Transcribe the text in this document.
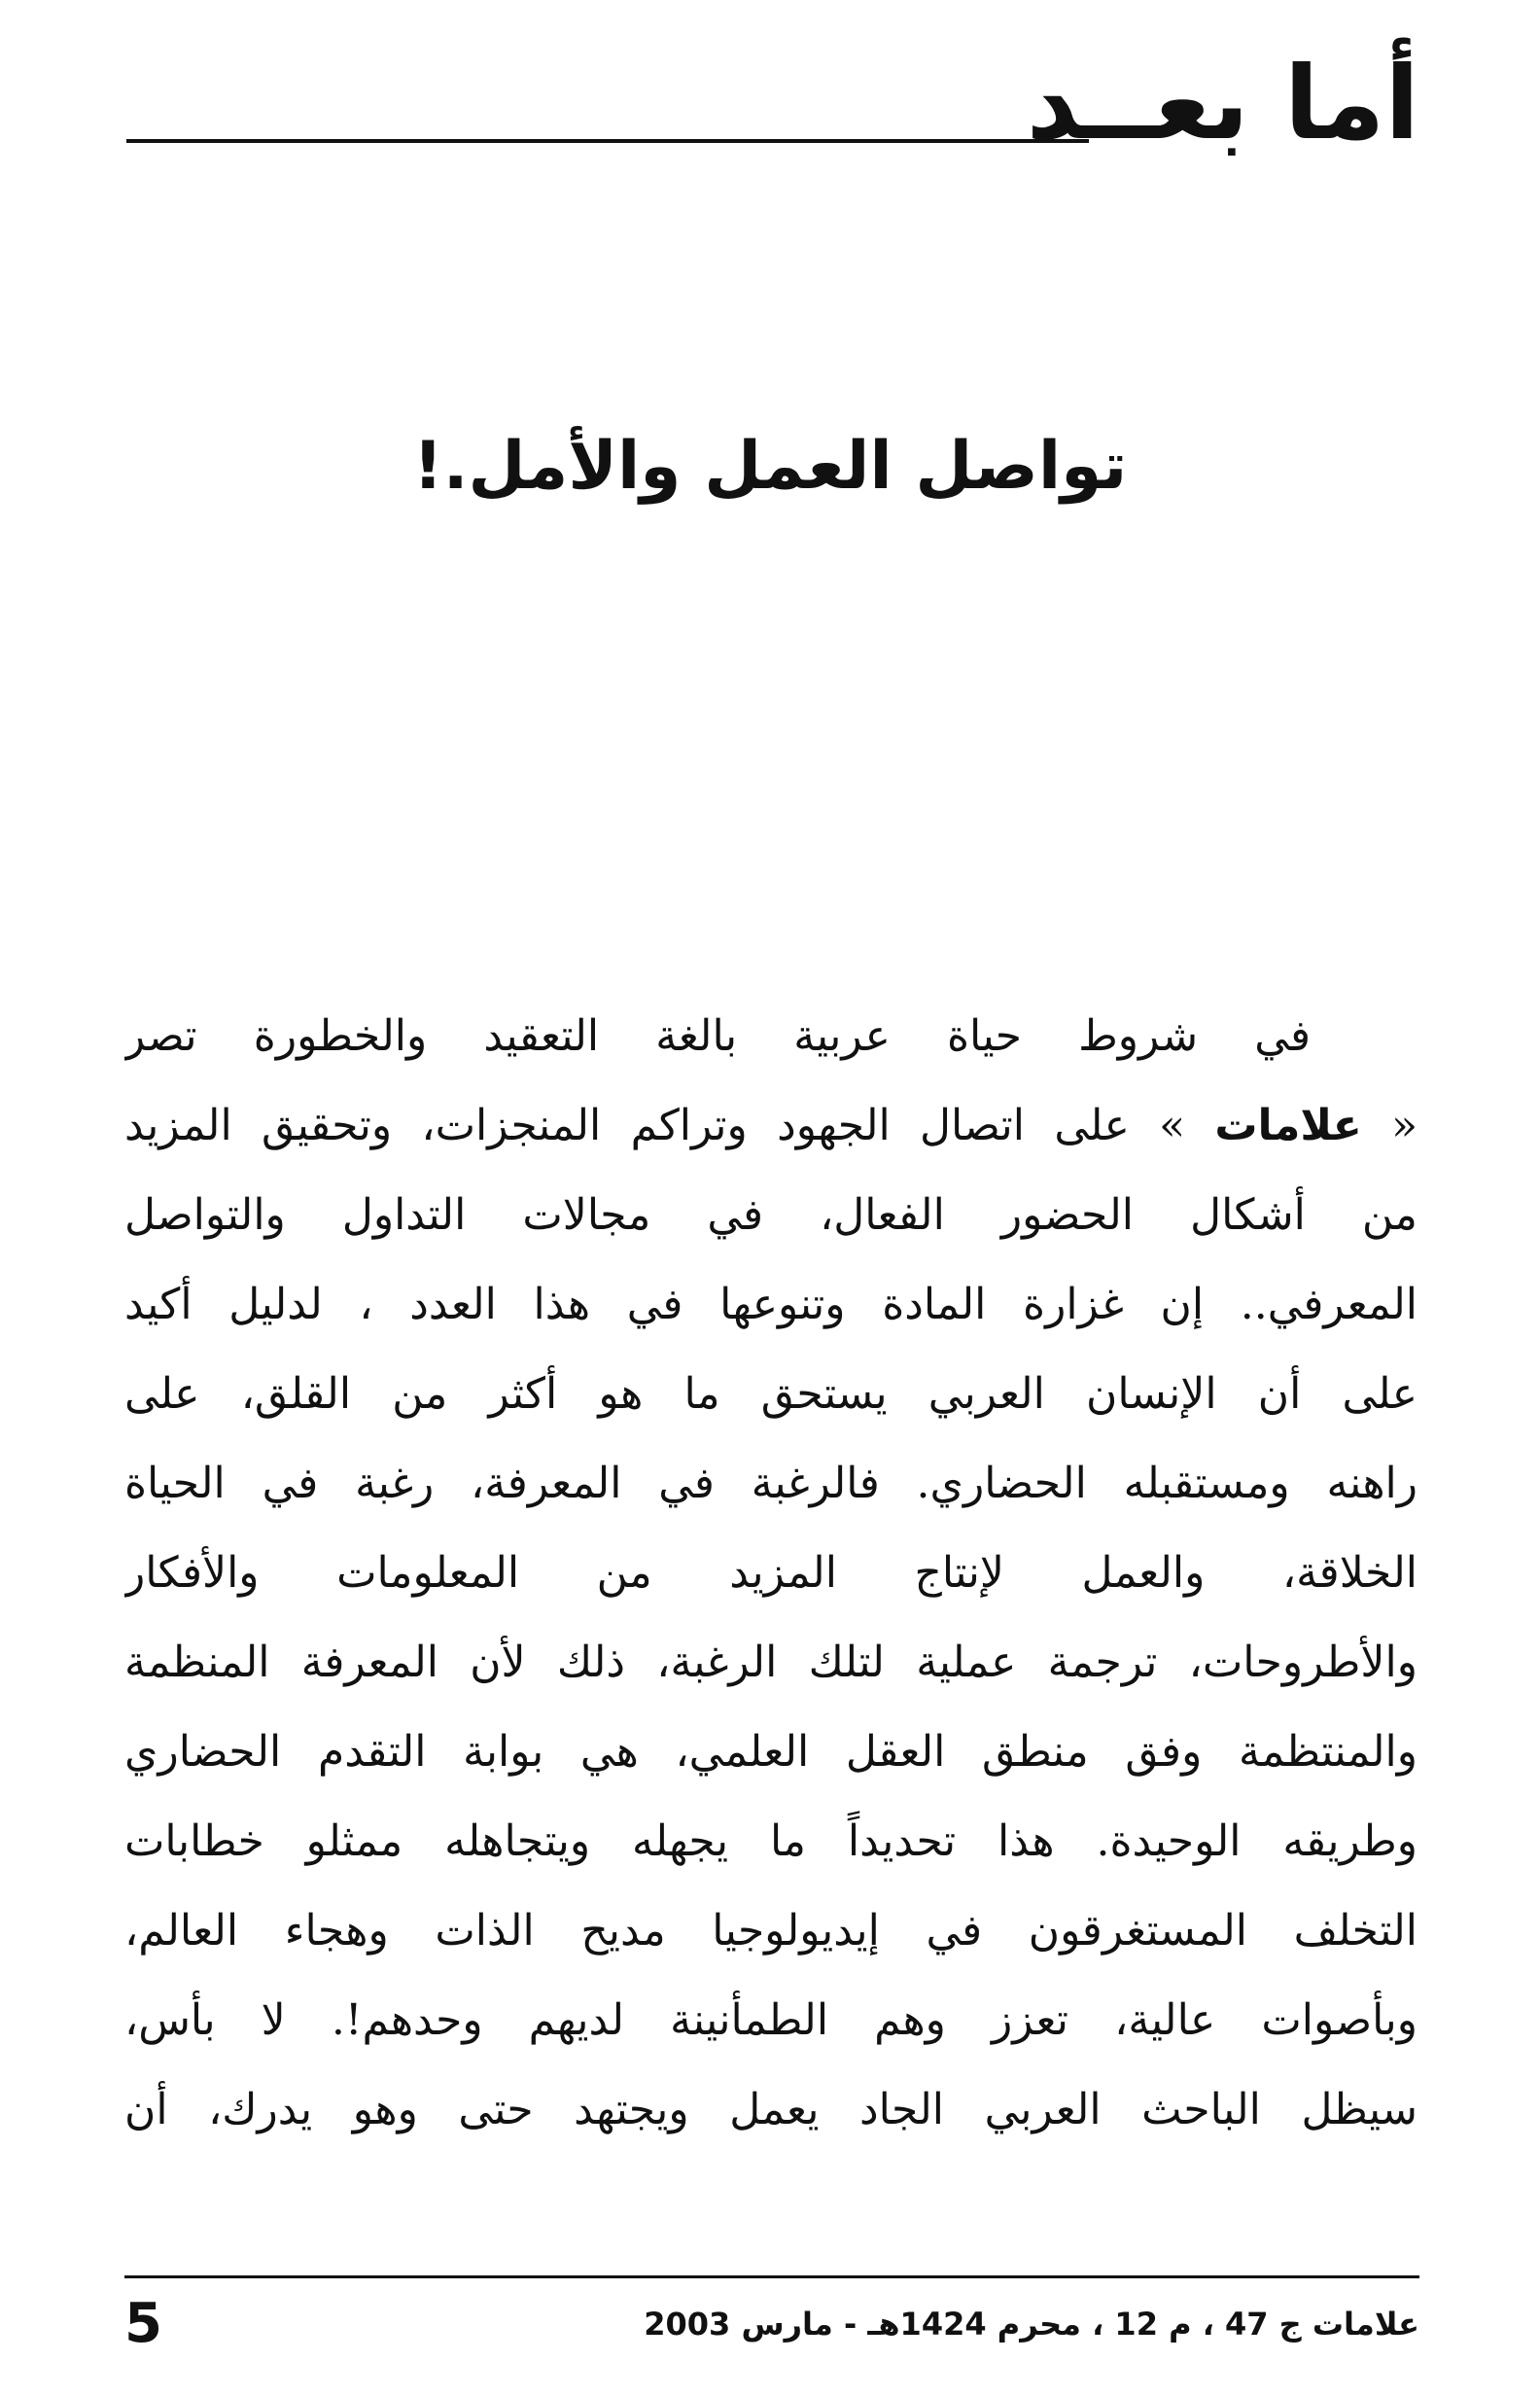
أما بعــد
تواصل العمل والأمل.!
في شروط حياة عربية بالغة التعقيد والخطورة تصر
« علامات » على اتصال الجهود وتراكم المنجزات، وتحقيق المزيد
من أشكال الحضور الفعال، في مجالات التداول والتواصل
المعرفي.. إن غزارة المادة وتنوعها في هذا العدد ، لدليل أكيد
على أن الإنسان العربي يستحق ما هو أكثر من القلق، على
راهنه ومستقبله الحضاري. فالرغبة في المعرفة، رغبة في الحياة
الخلاقة، والعمل لإنتاج المزيد من المعلومات والأفكار
والأطروحات، ترجمة عملية لتلك الرغبة، ذلك لأن المعرفة المنظمة
والمنتظمة وفق منطق العقل العلمي، هي بوابة التقدم الحضاري
وطريقه الوحيدة. هذا تحديداً ما يجهله ويتجاهله ممثلو خطابات
التخلف المستغرقون في إيديولوجيا مديح الذات وهجاء العالم،
وبأصوات عالية، تعزز وهم الطمأنينة لديهم وحدهم!. لا بأس،
سيظل الباحث العربي الجاد يعمل ويجتهد حتى وهو يدرك، أن
علامات ج 47 ، م 12 ، محرم 1424هـ - مارس 2003
5
